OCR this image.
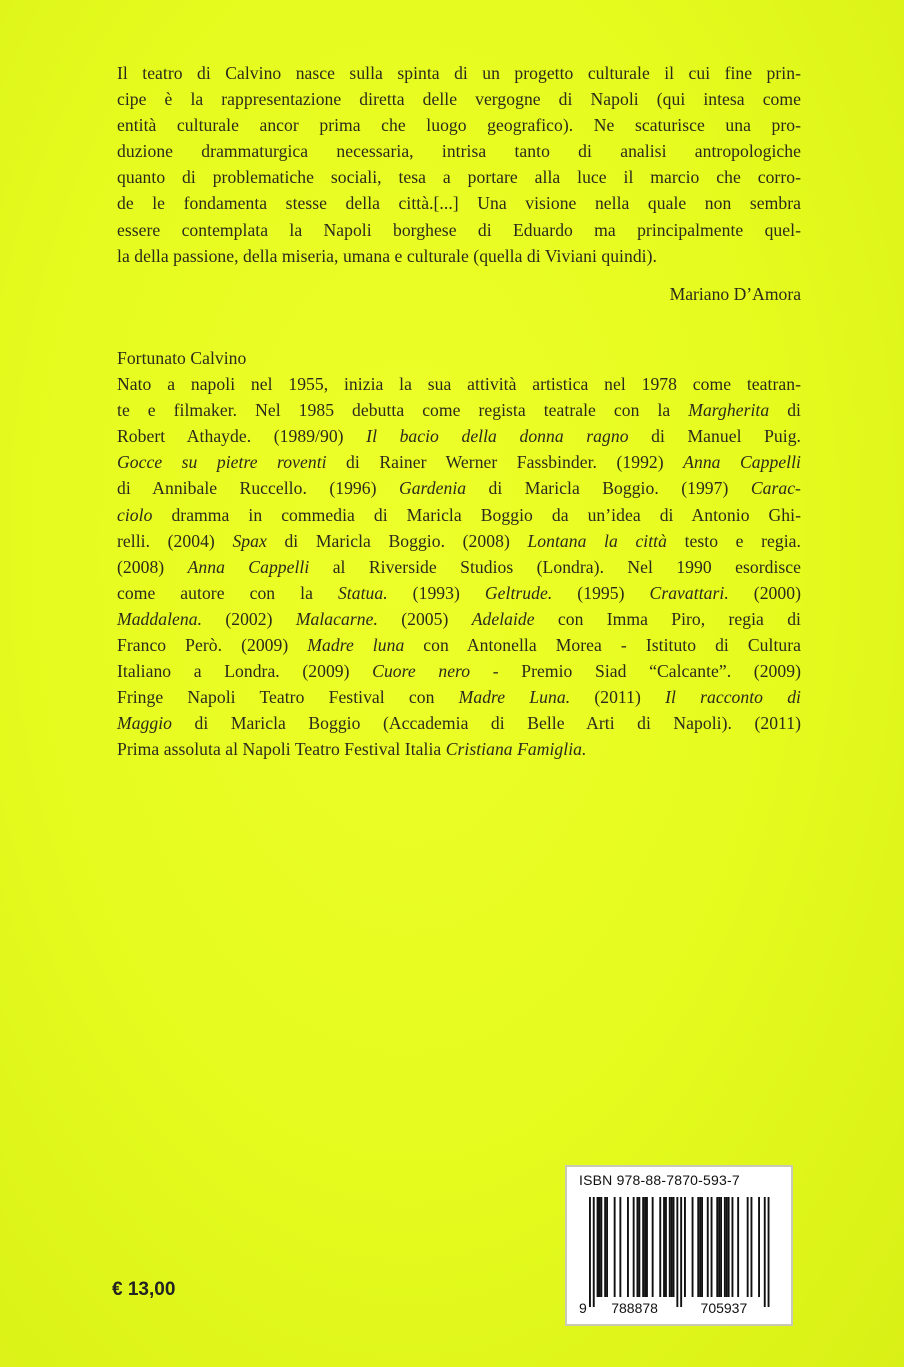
Il teatro di Calvino nasce sulla spinta di un progetto culturale il cui fine prin-
cipe è la rappresentazione diretta delle vergogne di Napoli (qui intesa come
entità culturale ancor prima che luogo geografico). Ne scaturisce una pro-
duzione drammaturgica necessaria, intrisa tanto di analisi antropologiche
quanto di problematiche sociali, tesa a portare alla luce il marcio che corro-
de le fondamenta stesse della città.[...] Una visione nella quale non sembra
essere contemplata la Napoli borghese di Eduardo ma principalmente quel-
la della passione, della miseria, umana e culturale (quella di Viviani quindi).
Mariano D’Amora
Fortunato Calvino
Nato a napoli nel 1955, inizia la sua attività artistica nel 1978 come teatran-
te e filmaker. Nel 1985 debutta come regista teatrale con la Margherita di
Robert Athayde. (1989/90) Il bacio della donna ragno di Manuel Puig.
Gocce su pietre roventi di Rainer Werner Fassbinder. (1992) Anna Cappelli
di Annibale Ruccello. (1996) Gardenia di Maricla Boggio. (1997) Carac-
ciolo dramma in commedia di Maricla Boggio da un’idea di Antonio Ghi-
relli. (2004) Spax di Maricla Boggio. (2008) Lontana la città testo e regia.
(2008) Anna Cappelli al Riverside Studios (Londra). Nel 1990 esordisce
come autore con la Statua. (1993) Geltrude. (1995) Cravattari. (2000)
Maddalena. (2002) Malacarne. (2005) Adelaide con Imma Piro, regia di
Franco Però. (2009) Madre luna con Antonella Morea - Istituto di Cultura
Italiano a Londra. (2009) Cuore nero - Premio Siad “Calcante”. (2009)
Fringe Napoli Teatro Festival con Madre Luna. (2011) Il racconto di
Maggio di Maricla Boggio (Accademia di Belle Arti di Napoli). (2011)
Prima assoluta al Napoli Teatro Festival Italia Cristiana Famiglia.
€ 13,00
ISBN 978-88-7870-593-7
9 788878	705937
